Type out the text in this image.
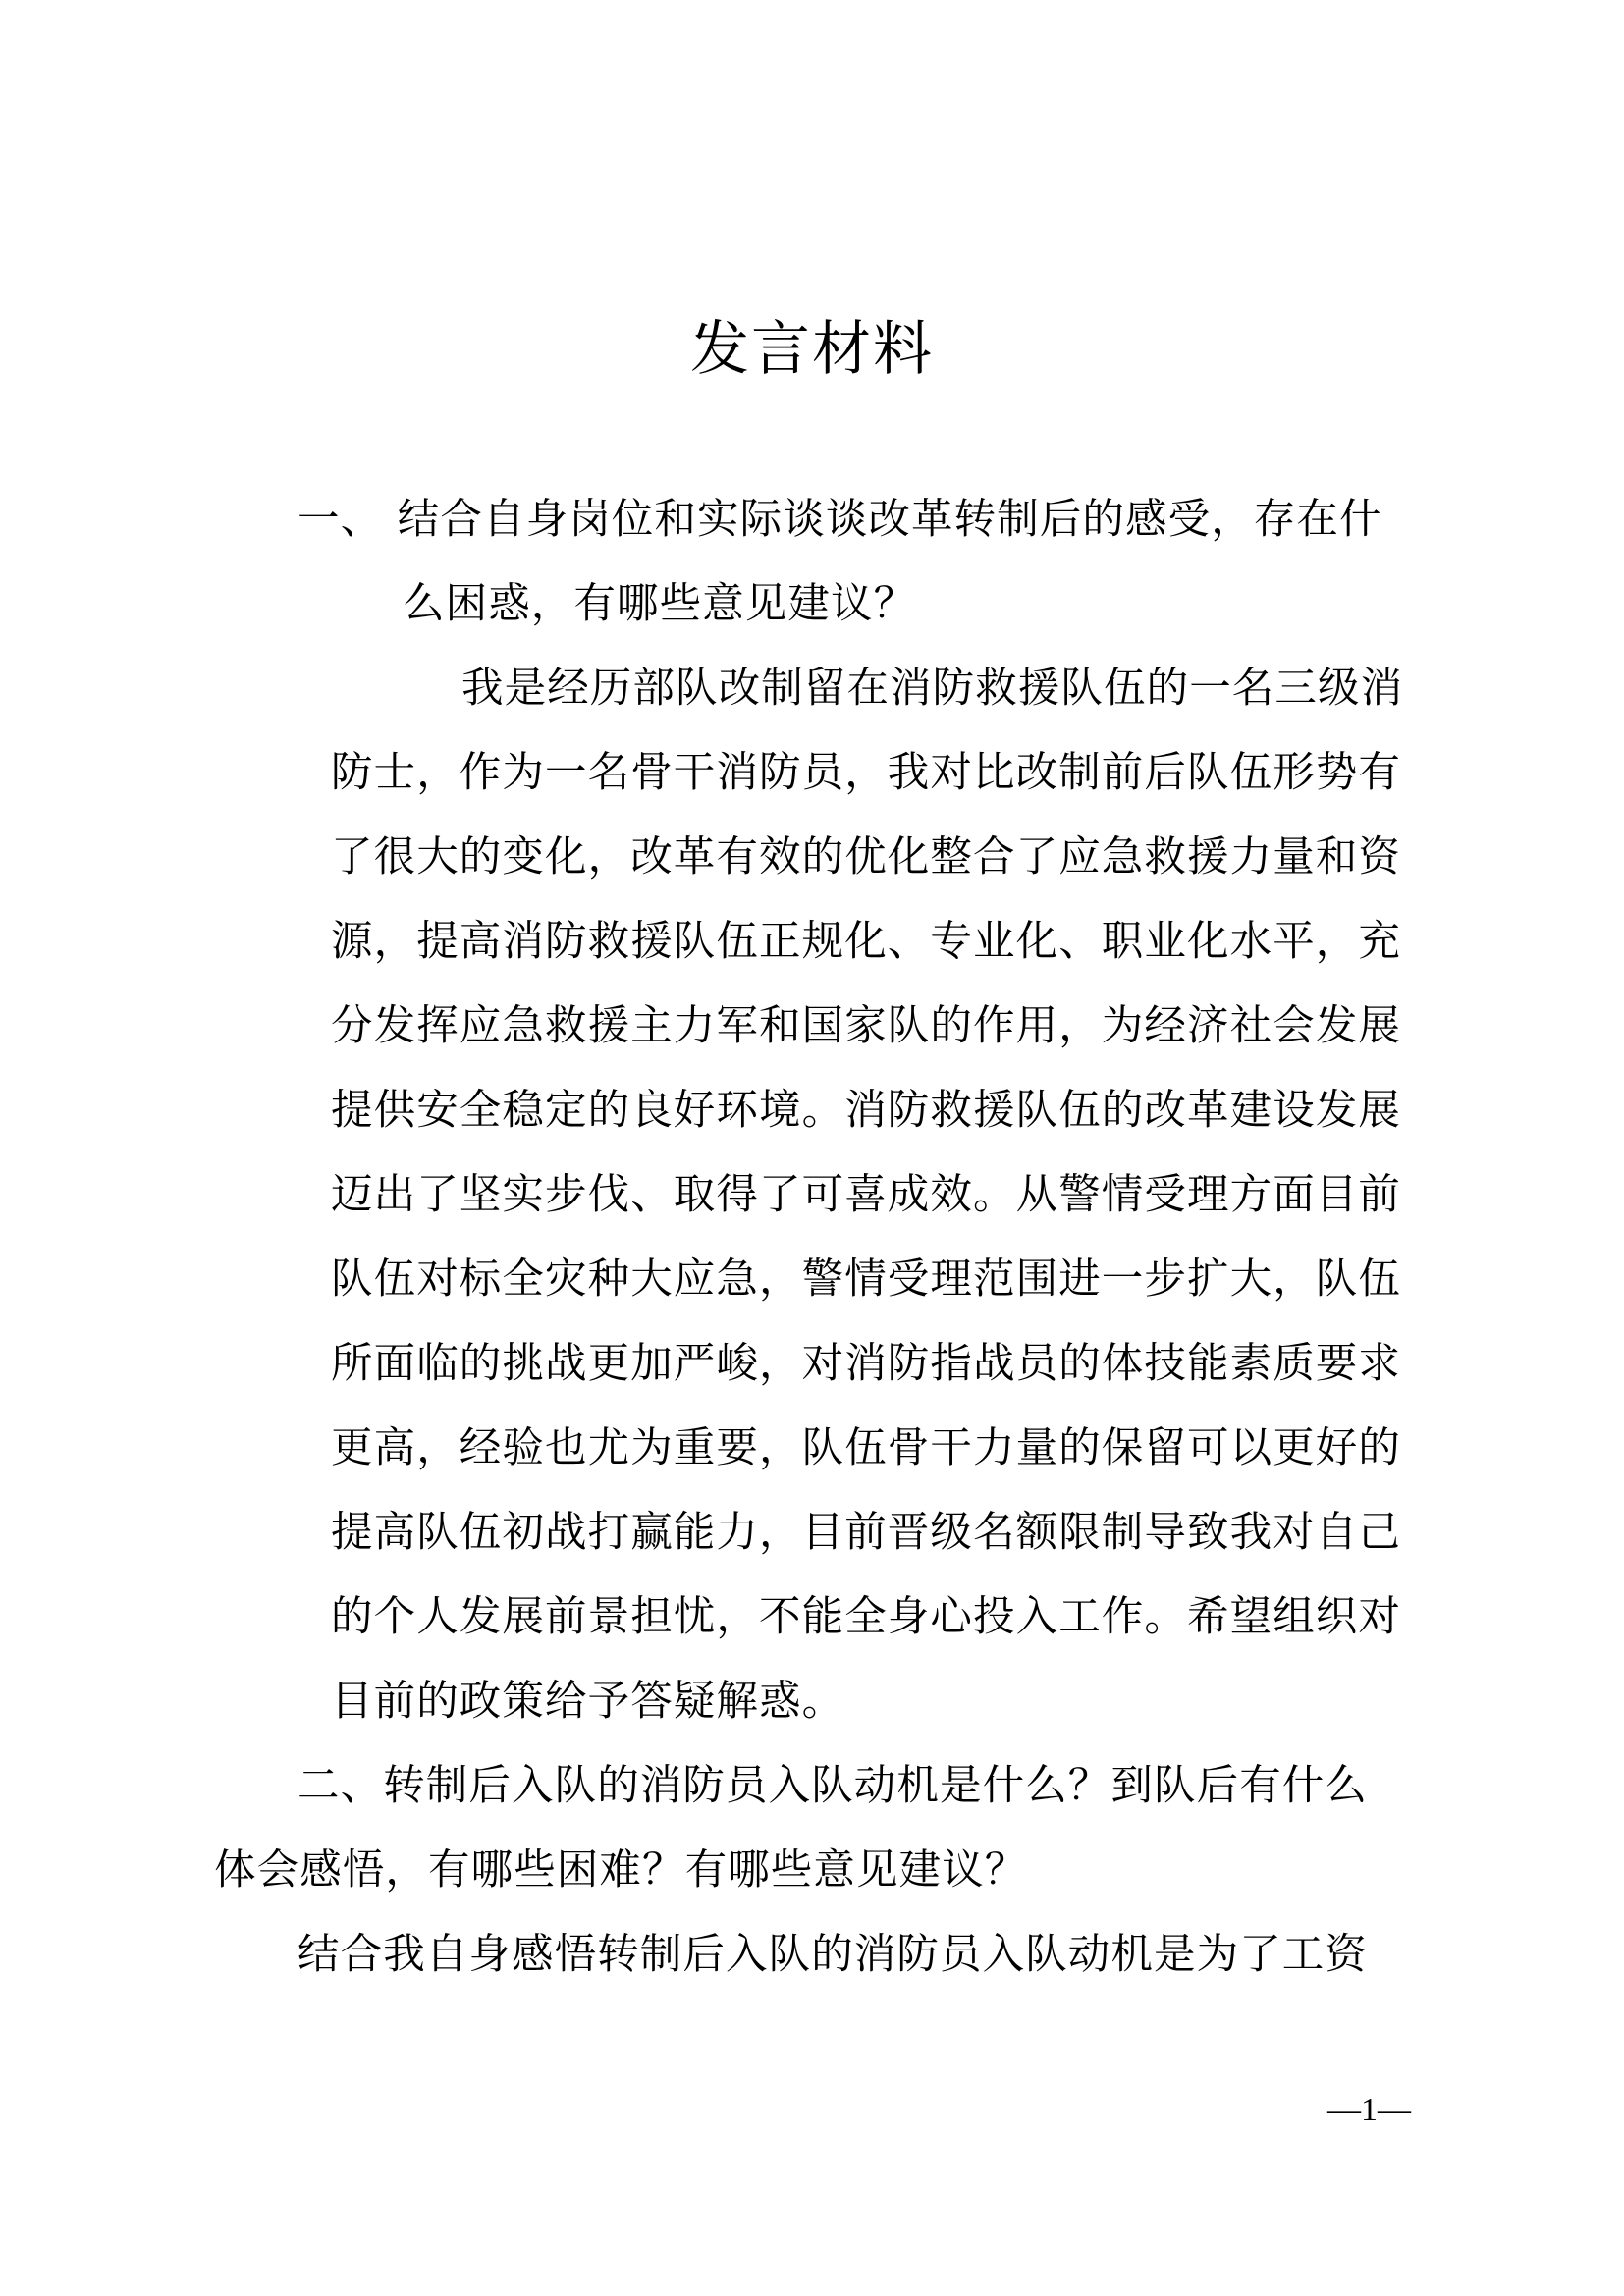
发言材料
一、 结合自身岗位和实际谈谈改革转制后的感受，存在什
么困惑，有哪些意见建议？
我是经历部队改制留在消防救援队伍的一名三级消
防士，作为一名骨干消防员，我对比改制前后队伍形势有
了很大的变化，改革有效的优化整合了应急救援力量和资
源，提高消防救援队伍正规化、专业化、职业化水平，充
分发挥应急救援主力军和国家队的作用，为经济社会发展
提供安全稳定的良好环境。消防救援队伍的改革建设发展
迈出了坚实步伐、取得了可喜成效。从警情受理方面目前
队伍对标全灾种大应急，警情受理范围进一步扩大，队伍
所面临的挑战更加严峻，对消防指战员的体技能素质要求
更高，经验也尤为重要，队伍骨干力量的保留可以更好的
提高队伍初战打赢能力，目前晋级名额限制导致我对自己
的个人发展前景担忧，不能全身心投入工作。希望组织对
目前的政策给予答疑解惑。
二、转制后入队的消防员入队动机是什么？到队后有什么
体会感悟，有哪些困难？有哪些意见建议？
结合我自身感悟转制后入队的消防员入队动机是为了工资
—1—
